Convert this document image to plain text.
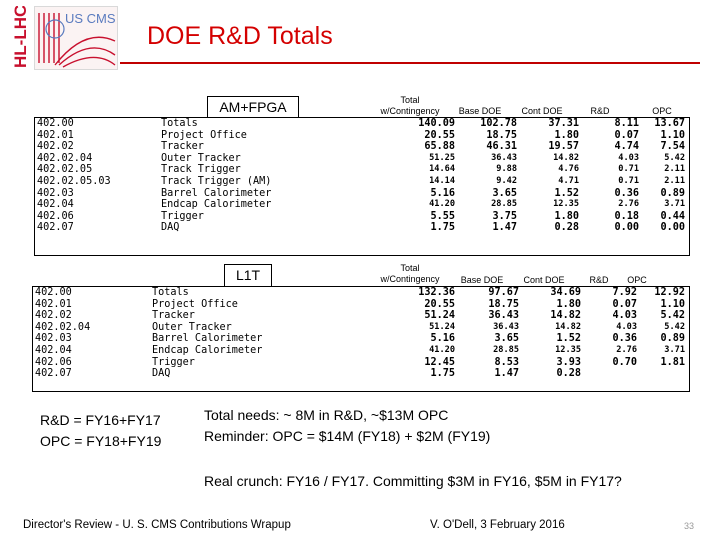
HL-LHC	US CMS
DOE R&D Totals
AM+FPGA	Total w/Contingency	Base DOE	Cont DOE	R&D	OPC
402.00	Totals	140.09	102.78	37.31	8.11	13.67
402.01	Project Office	20.55	18.75	1.80	0.07	1.10
402.02	Tracker	65.88	46.31	19.57	4.74	7.54
402.02.04	Outer Tracker	51.25	36.43	14.82	4.03	5.42
402.02.05	Track Trigger	14.64	9.88	4.76	0.71	2.11
402.02.05.03	Track Trigger (AM)	14.14	9.42	4.71	0.71	2.11
402.03	Barrel Calorimeter	5.16	3.65	1.52	0.36	0.89
402.04	Endcap Calorimeter	41.20	28.85	12.35	2.76	3.71
402.06	Trigger	5.55	3.75	1.80	0.18	0.44
402.07	DAQ	1.75	1.47	0.28	0.00	0.00
L1T	Total w/Contingency	Base DOE	Cont DOE	R&D	OPC
402.00	Totals	132.36	97.67	34.69	7.92	12.92
402.01	Project Office	20.55	18.75	1.80	0.07	1.10
402.02	Tracker	51.24	36.43	14.82	4.03	5.42
402.02.04	Outer Tracker	51.24	36.43	14.82	4.03	5.42
402.03	Barrel Calorimeter	5.16	3.65	1.52	0.36	0.89
402.04	Endcap Calorimeter	41.20	28.85	12.35	2.76	3.71
402.06	Trigger	12.45	8.53	3.93	0.70	1.81
402.07	DAQ	1.75	1.47	0.28		
R&D = FY16+FY17
OPC = FY18+FY19
Total needs: ~ 8M in R&D, ~$13M OPC
Reminder: OPC = $14M (FY18) + $2M (FY19)
Real crunch: FY16 / FY17. Committing $3M in FY16, $5M in FY17?
Director's Review - U. S. CMS Contributions Wrapup	V. O'Dell, 3 February 2016	33
